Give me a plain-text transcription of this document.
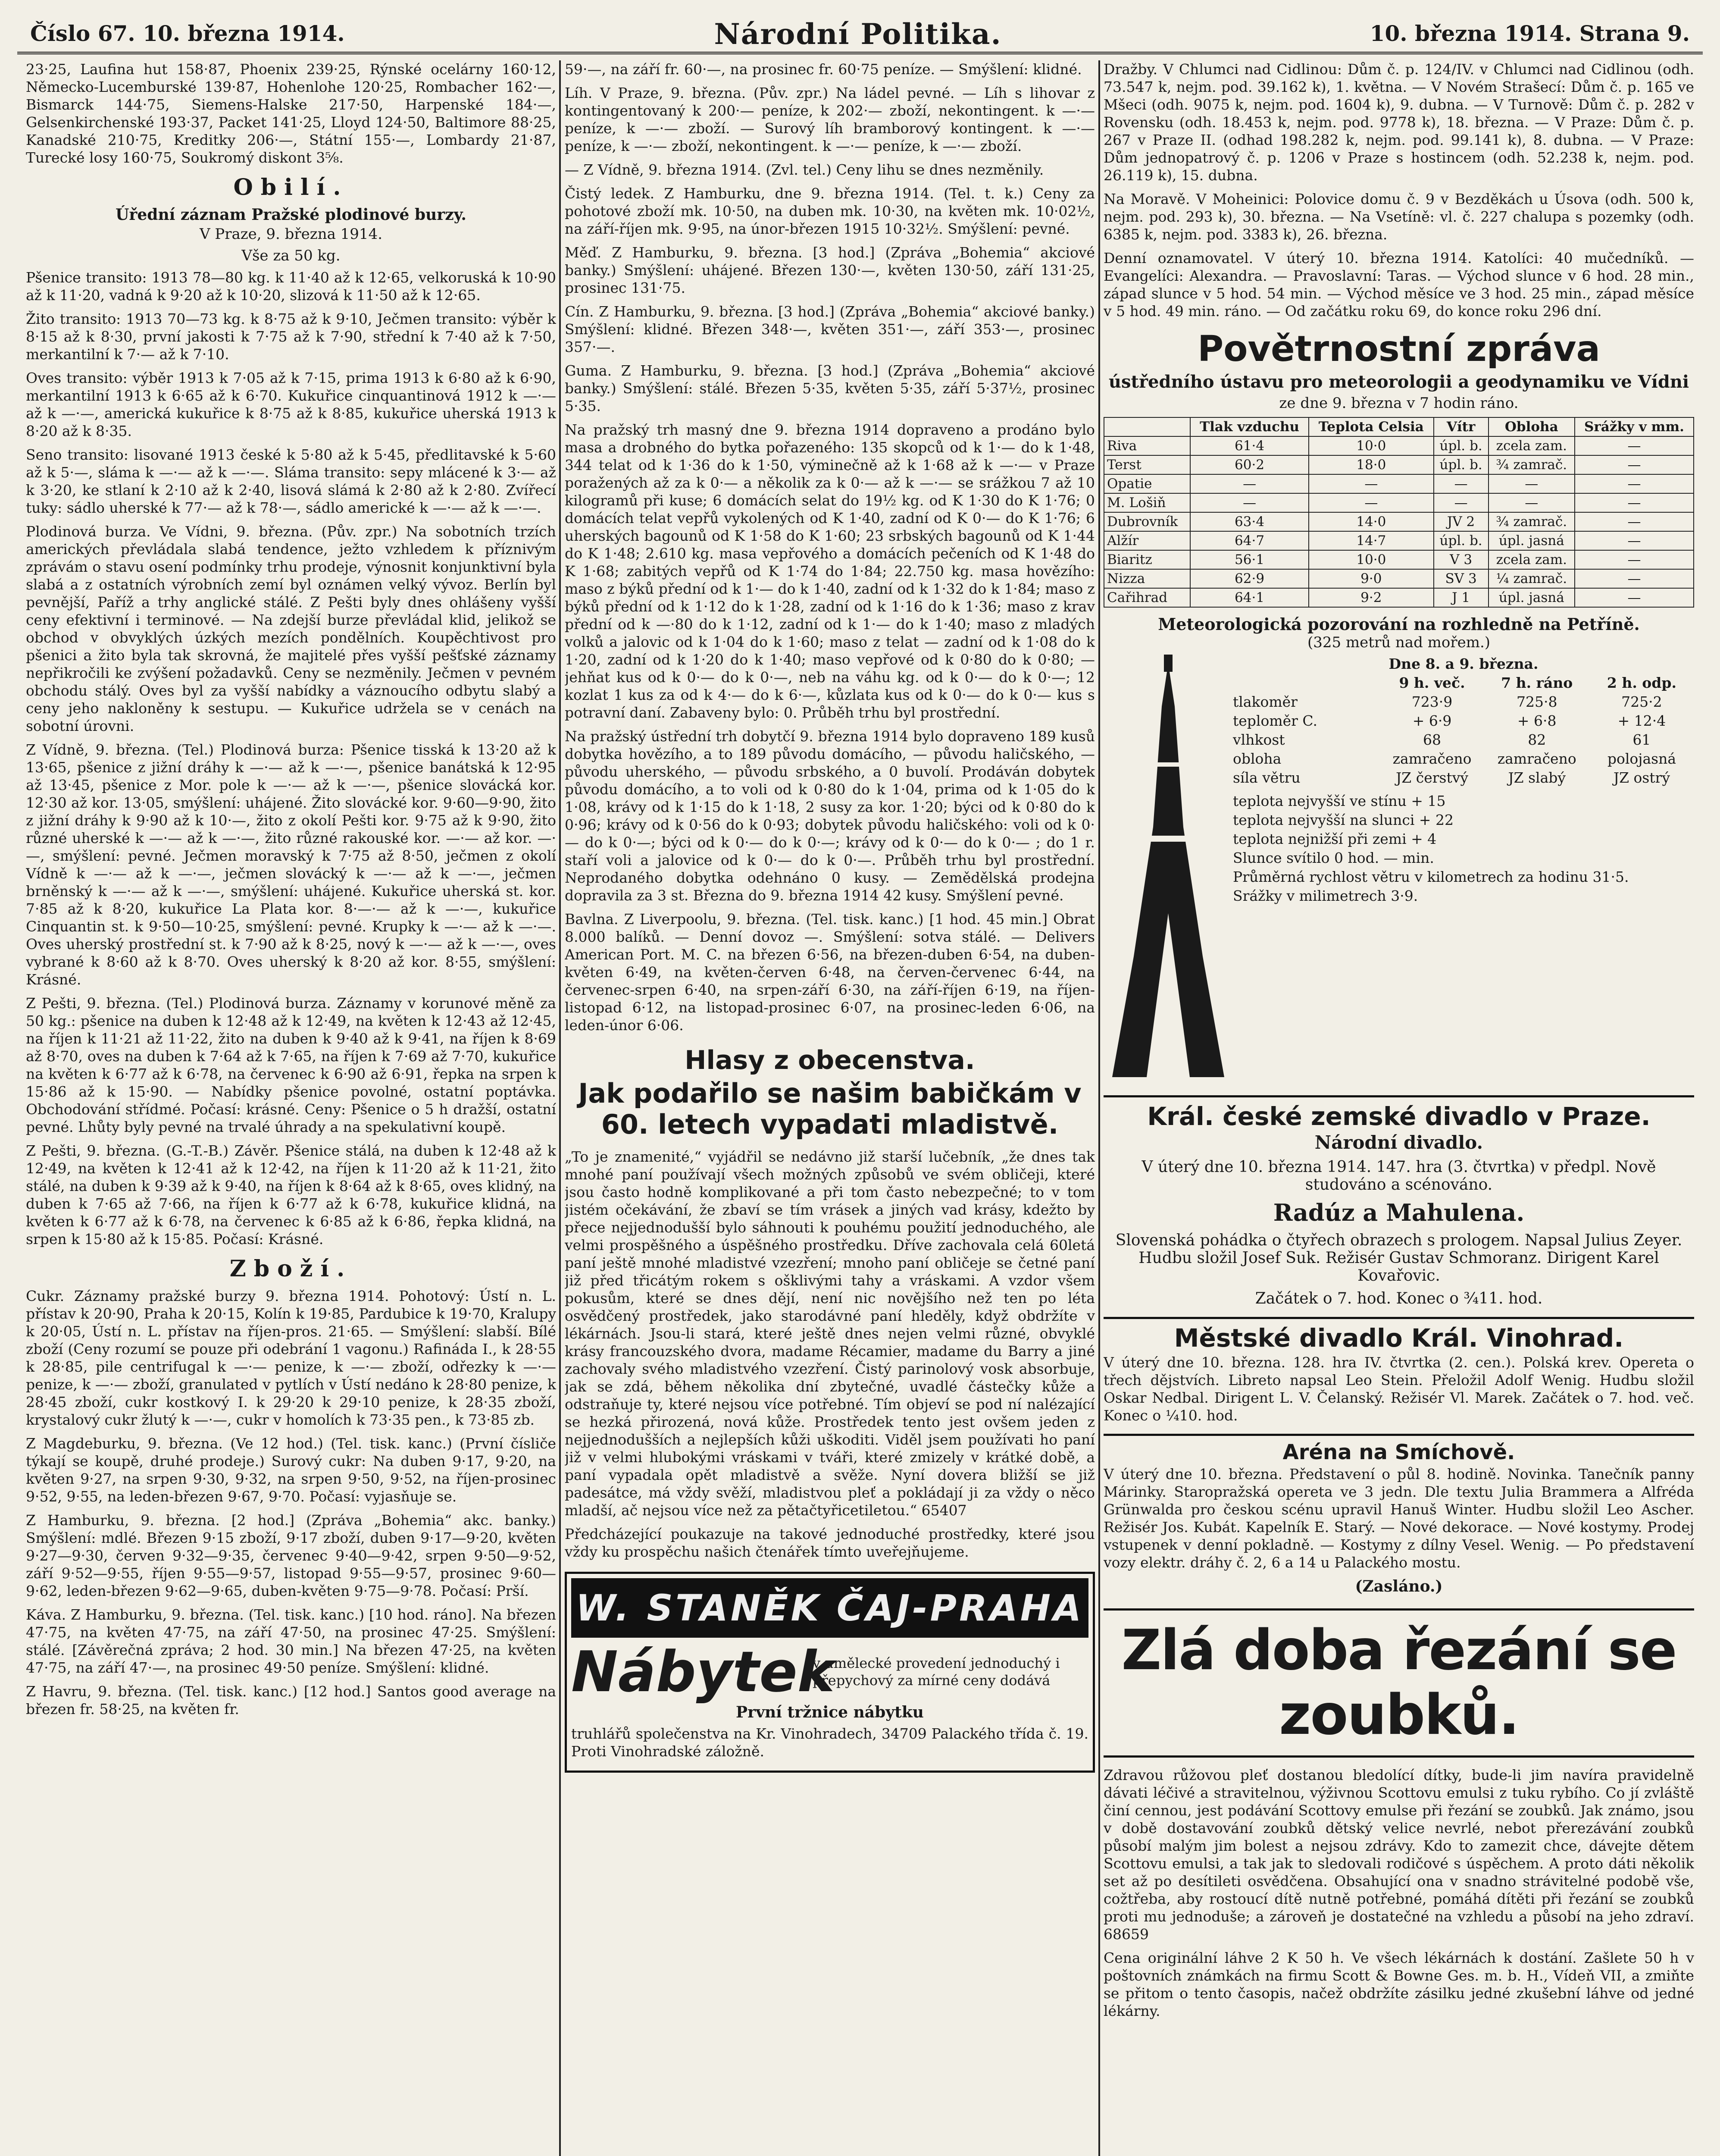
Číslo 67. 10. března 1914.	Národní Politika.	10. března 1914. Strana 9.

23·25, Laufina hut 158·87, Phoenix 239·25, Rýnské ocelárny 160·12, Německo-Lucemburské 139·87, Hohenlohe 120·25, Rombacher 162·—, Bismarck 144·75, Siemens-Halske 217·50, Harpenské 184·—, Gelsenkirchenské 193·37, Packet 141·25, Lloyd 124·50, Baltimore 88·25, Kanadské 210·75, Kreditky 206·—, Státní 155·—, Lombardy 21·87, Turecké losy 160·75, Soukromý diskont 3⅝.

Obilí.
Úřední záznam Pražské plodinové burzy.
V Praze, 9. března 1914.
Vše za 50 kg.

Pšenice transito: 1913 78—80 kg. k 11·40 až k 12·65, velkoruská k 10·90 až k 11·20, vadná k 9·20 až k 10·20, slizová k 11·50 až k 12·65.

Žito transito: 1913 70—73 kg. k 8·75 až k 9·10, Ječmen transito: výběr k 8·15 až k 8·30, první jakosti k 7·75 až k 7·90, střední k 7·40 až k 7·50, merkantilní k 7·— až k 7·10.

Oves transito: výběr 1913 k 7·05 až k 7·15, prima 1913 k 6·80 až k 6·90, merkantilní 1913 k 6·65 až k 6·70. Kukuřice cinquantinová 1912 k —·— až k —·—, americká kukuřice k 8·75 až k 8·85, kukuřice uherská 1913 k 8·20 až k 8·35.

Seno transito: lisované 1913 české k 5·80 až k 5·45, předlitavské k 5·60 až k 5·—, sláma k —·— až k —·—. Sláma transito: sepy mlácené k 3·— až k 3·20, ke stlaní k 2·10 až k 2·40, lisová slámá k 2·80 až k 2·80. Zvířecí tuky: sádlo uherské k 77·— až k 78·—, sádlo americké k —·— až k —·—.

Plodinová burza. Ve Vídni, 9. března. (Pův. zpr.) Na sobotních trzích amerických převládala slabá tendence, ježto vzhledem k příznivým zprávám o stavu osení podmínky trhu prodeje, výnosnit konjunktivní byla slabá a z ostatních výrobních zemí byl oznámen velký vývoz. Berlín byl pevnější, Paříž a trhy anglické stálé. Z Pešti byly dnes ohlášeny vyšší ceny efektivní i terminové. — Na zdejší burze převládal klid, jelikož se obchod v obvyklých úzkých mezích pondělních. Koupěchtivost pro pšenici a žito byla tak skrovná, že majitelé přes vyšší pešťské záznamy nepřikročili ke zvýšení požadavků. Ceny se nezměnily. Ječmen v pevném obchodu stálý. Oves byl za vyšší nabídky a váznoucího odbytu slabý a ceny jeho nakloněny k sestupu. — Kukuřice udržela se v cenách na sobotní úrovni.

Z Vídně, 9. března. (Tel.) Plodinová burza: Pšenice tisská k 13·20 až k 13·65, pšenice z jižní dráhy k —·— až k —·—, pšenice banátská k 12·95 až 13·45, pšenice z Mor. pole k —·— až k —·—, pšenice slovácká kor. 12·30 až kor. 13·05, smýšlení: uhájené. Žito slovácké kor. 9·60—9·90, žito z jižní dráhy k 9·90 až k 10·—, žito z okolí Pešti kor. 9·75 až k 9·90, žito různé uherské k —·— až k —·—, žito různé rakouské kor. —·— až kor. —·—, smýšlení: pevné. Ječmen moravský k 7·75 až 8·50, ječmen z okolí Vídně k —·— až k —·—, ječmen slovácký k —·— až k —·—, ječmen brněnský k —·— až k —·—, smýšlení: uhájené. Kukuřice uherská st. kor. 7·85 až k 8·20, kukuřice La Plata kor. 8·—·— až k —·—, kukuřice Cinquantin st. k 9·50—10·25, smýšlení: pevné. Krupky k —·— až k —·—. Oves uherský prostřední st. k 7·90 až k 8·25, nový k —·— až k —·—, oves vybrané k 8·60 až k 8·70. Oves uherský k 8·20 až kor. 8·55, smýšlení: Krásné.

Z Pešti, 9. března. (Tel.) Plodinová burza. Záznamy v korunové měně za 50 kg.: pšenice na duben k 12·48 až k 12·49, na květen k 12·43 až 12·45, na říjen k 11·21 až 11·22, žito na duben k 9·40 až k 9·41, na říjen k 8·69 až 8·70, oves na duben k 7·64 až k 7·65, na říjen k 7·69 až 7·70, kukuřice na květen k 6·77 až k 6·78, na červenec k 6·90 až 6·91, řepka na srpen k 15·86 až k 15·90. — Nabídky pšenice povolné, ostatní poptávka. Obchodování střídmé. Počasí: krásné. Ceny: Pšenice o 5 h dražší, ostatní pevné. Lhůty byly pevné na trvalé úhrady a na spekulativní koupě.

Z Pešti, 9. března. (G.-T.-B.) Závěr. Pšenice stálá, na duben k 12·48 až k 12·49, na květen k 12·41 až k 12·42, na říjen k 11·20 až k 11·21, žito stálé, na duben k 9·39 až k 9·40, na říjen k 8·64 až k 8·65, oves klidný, na duben k 7·65 až 7·66, na říjen k 6·77 až k 6·78, kukuřice klidná, na květen k 6·77 až k 6·78, na červenec k 6·85 až k 6·86, řepka klidná, na srpen k 15·80 až k 15·85. Počasí: Krásné.

Zboží.

Cukr. Záznamy pražské burzy 9. března 1914. Pohotový: Ústí n. L. přístav k 20·90, Praha k 20·15, Kolín k 19·85, Pardubice k 19·70, Kralupy k 20·05, Ústí n. L. přístav na říjen-pros. 21·65. — Smýšlení: slabší. Bílé zboží (Ceny rozumí se pouze při odebrání 1 vagonu.) Rafináda I., k 28·55 k 28·85, pile centrifugal k —·— penize, k —·— zboží, odřezky k —·— penize, k —·— zboží, granulated v pytlích v Ústí nedáno k 28·80 penize, k 28·45 zboží, cukr kostkový I. k 29·20 k 29·10 penize, k 28·35 zboží, krystalový cukr žlutý k —·—, cukr v homolích k 73·35 pen., k 73·85 zb.

Z Magdeburku, 9. března. (Ve 12 hod.) (Tel. tisk. kanc.) (První čísliče týkají se koupě, druhé prodeje.) Surový cukr: Na duben 9·17, 9·20, na květen 9·27, na srpen 9·30, 9·32, na srpen 9·50, 9·52, na říjen-prosinec 9·52, 9·55, na leden-březen 9·67, 9·70. Počasí: vyjasňuje se.

Z Hamburku, 9. března. [2 hod.] (Zpráva „Bohemia“ akc. banky.) Smýšlení: mdlé. Březen 9·15 zboží, 9·17 zboží, duben 9·17—9·20, květen 9·27—9·30, červen 9·32—9·35, červenec 9·40—9·42, srpen 9·50—9·52, září 9·52—9·55, říjen 9·55—9·57, listopad 9·55—9·57, prosinec 9·60—9·62, leden-březen 9·62—9·65, duben-květen 9·75—9·78. Počasí: Prší.

Káva. Z Hamburku, 9. března. (Tel. tisk. kanc.) [10 hod. ráno]. Na březen 47·75, na květen 47·75, na září 47·50, na prosinec 47·25. Smýšlení: stálé. [Závěrečná zpráva; 2 hod. 30 min.] Na březen 47·25, na květen 47·75, na září 47·—, na prosinec 49·50 peníze. Smýšlení: klidné.

Z Havru, 9. března. (Tel. tisk. kanc.) [12 hod.] Santos good average na březen fr. 58·25, na květen fr.

59·—, na září fr. 60·—, na prosinec fr. 60·75 peníze. — Smýšlení: klidné.

Líh. V Praze, 9. března. (Pův. zpr.) Na ládel pevné. — Líh s lihovar z kontingentovaný k 200·— peníze, k 202·— zboží, nekontingent. k —·— peníze, k —·— zboží. — Surový líh bramborový kontingent. k —·— peníze, k —·— zboží, nekontingent. k —·— peníze, k —·— zboží.

— Z Vídně, 9. března 1914. (Zvl. tel.) Ceny lihu se dnes nezměnily.

Čistý ledek. Z Hamburku, dne 9. března 1914. (Tel. t. k.) Ceny za pohotové zboží mk. 10·50, na duben mk. 10·30, na květen mk. 10·02½, na září-říjen mk. 9·95, na únor-březen 1915 10·32½. Smýšlení: pevné.

Měď. Z Hamburku, 9. března. [3 hod.] (Zpráva „Bohemia“ akciové banky.) Smýšlení: uhájené. Březen 130·—, květen 130·50, září 131·25, prosinec 131·75.

Cín. Z Hamburku, 9. března. [3 hod.] (Zpráva „Bohemia“ akciové banky.) Smýšlení: klidné. Březen 348·—, květen 351·—, září 353·—, prosinec 357·—.

Guma. Z Hamburku, 9. března. [3 hod.] (Zpráva „Bohemia“ akciové banky.) Smýšlení: stálé. Březen 5·35, květen 5·35, září 5·37½, prosinec 5·35.

Na pražský trh masný dne 9. března 1914 dopraveno a prodáno bylo masa a drobného do bytka pořazeného: 135 skopců od k 1·— do k 1·48, 344 telat od k 1·36 do k 1·50, výminečně až k 1·68 až k —·— v Praze poražených až za k 0·— a několik za k 0·— až k —·— se srážkou 7 až 10 kilogramů při kuse; 6 domácích selat do 19½ kg. od K 1·30 do K 1·76; 0 domácích telat vepřů vykolených od K 1·40, zadní od K 0·— do K 1·76; 6 uherských bagounů od K 1·58 do K 1·60; 23 srbských bagounů od K 1·44 do K 1·48; 2.610 kg. masa vepřového a domácích pečeních od K 1·48 do K 1·68; zabitých vepřů od K 1·74 do 1·84; 22.750 kg. masa hovězího: maso z býků přední od k 1·— do k 1·40, zadní od k 1·32 do k 1·84; maso z býků přední od k 1·12 do k 1·28, zadní od k 1·16 do k 1·36; maso z krav přední od k —·80 do k 1·12, zadní od k 1·— do k 1·40; maso z mladých volků a jalovic od k 1·04 do k 1·60; maso z telat — zadní od k 1·08 do k 1·20, zadní od k 1·20 do k 1·40; maso vepřové od k 0·80 do k 0·80; — jehňat kus od k 0·— do k 0·—, neb na váhu kg. od k 0·— do k 0·—; 12 kozlat 1 kus za od k 4·— do k 6·—, kůzlata kus od k 0·— do k 0·— kus s potravní daní. Zabaveny bylo: 0. Průběh trhu byl prostřední.

Na pražský ústřední trh dobytčí 9. března 1914 bylo dopraveno 189 kusů dobytka hovězího, a to 189 původu domácího, — původu haličského, — původu uherského, — původu srbského, a 0 buvolí. Prodáván dobytek původu domácího, a to voli od k 0·80 do k 1·04, prima od k 1·05 do k 1·08, krávy od k 1·15 do k 1·18, 2 susy za kor. 1·20; býci od k 0·80 do k 0·96; krávy od k 0·56 do k 0·93; dobytek původu haličského: voli od k 0·— do k 0·—; býci od k 0·— do k 0·—; krávy od k 0·— do k 0·— ; do 1 r. staří voli a jalovice od k 0·— do k 0·—. Průběh trhu byl prostřední. Neprodaného dobytka odehnáno 0 kusy. — Zemědělská prodejna dopravila za 3 st. Března do 9. března 1914 42 kusy. Smýšlení pevné.

Bavlna. Z Liverpoolu, 9. března. (Tel. tisk. kanc.) [1 hod. 45 min.] Obrat 8.000 balíků. — Denní dovoz —. Smýšlení: sotva stálé. — Delivers American Port. M. C. na březen 6·56, na březen-duben 6·54, na duben-květen 6·49, na květen-červen 6·48, na červen-červenec 6·44, na červenec-srpen 6·40, na srpen-září 6·30, na září-říjen 6·19, na říjen-listopad 6·12, na listopad-prosinec 6·07, na prosinec-leden 6·06, na leden-únor 6·06.

Hlasy z obecenstva.
Jak podařilo se našim babičkám v 60. letech vypadati mladistvě.

„To je znamenité,“ vyjádřil se nedávno již starší lučebník, „že dnes tak mnohé paní používají všech možných způsobů ve svém obličeji, které jsou často hodně komplikované a při tom často nebezpečné; to v tom jistém očekávání, že zbaví se tím vrásek a jiných vad krásy, kdežto by přece nejjednodušší bylo sáhnouti k pouhému použití jednoduchého, ale velmi prospěšného a úspěšného prostředku. Dříve zachovala celá 60letá paní ještě mnohé mladistvé vzezření; mnoho paní obličeje se četné paní již před třicátým rokem s ošklivými tahy a vráskami. A vzdor všem pokusům, které se dnes dějí, není nic novějšího než ten po léta osvědčený prostředek, jako starodávné paní hleděly, když obdržíte v lékárnách. Jsou-li stará, které ještě dnes nejen velmi různé, obvyklé krásy francouzského dvora, madame Récamier, madame du Barry a jiné zachovaly svého mladistvého vzezření. Čistý parinolový vosk absorbuje, jak se zdá, během několika dní zbytečné, uvadlé částečky kůže a odstraňuje ty, které nejsou více potřebné. Tím objeví se pod ní nalézající se hezká přirozená, nová kůže. Prostředek tento jest ovšem jeden z nejjednodušších a nejlepších kůži uškoditi. Viděl jsem používati ho paní již v velmi hlubokými vráskami v tváři, které zmizely v krátké době, a paní vypadala opět mladistvě a svěže. Nyní dovera bližší se již padesátce, má vždy svěží, mladistvou pleť a pokládají ji za vždy o něco mladší, ač nejsou více než za pětačtyřicetiletou.“ 65407

Předcházející poukazuje na takové jednoduché prostředky, které jsou vždy ku prospěchu našich čtenářek tímto uveřejňujeme.

W. STANĚK ČAJ-PRAHA
Nábytek
v umělecké provedení jednoduchý i přepychový za mírné ceny dodává
První tržnice nábytku

truhlářů společenstva na Kr. Vinohradech, 34709 Palackého třída č. 19. Proti Vinohradské záložně.

Dražby. V Chlumci nad Cidlinou: Dům č. p. 124/IV. v Chlumci nad Cidlinou (odh. 73.547 k, nejm. pod. 39.162 k), 1. května. — V Novém Strašecí: Dům č. p. 165 ve Mšeci (odh. 9075 k, nejm. pod. 1604 k), 9. dubna. — V Turnově: Dům č. p. 282 v Rovensku (odh. 18.453 k, nejm. pod. 9778 k), 18. března. — V Praze: Dům č. p. 267 v Praze II. (odhad 198.282 k, nejm. pod. 99.141 k), 8. dubna. — V Praze: Dům jednopatrový č. p. 1206 v Praze s hostincem (odh. 52.238 k, nejm. pod. 26.119 k), 15. dubna.

Na Moravě. V Moheinici: Polovice domu č. 9 v Bezděkách u Úsova (odh. 500 k, nejm. pod. 293 k), 30. března. — Na Vsetíně: vl. č. 227 chalupa s pozemky (odh. 6385 k, nejm. pod. 3383 k), 26. března.

Denní oznamovatel. V úterý 10. března 1914. Katolíci: 40 mučedníků. — Evangelíci: Alexandra. — Pravoslavní: Taras. — Východ slunce v 6 hod. 28 min., západ slunce v 5 hod. 54 min. — Východ měsíce ve 3 hod. 25 min., západ měsíce v 5 hod. 49 min. ráno. — Od začátku roku 69, do konce roku 296 dní.

Povětrnostní zpráva
ústředního ústavu pro meteorologii a geodynamiku ve Vídni
ze dne 9. března v 7 hodin ráno.
	Tlak vzduchu	Teplota Celsia	Vítr	Obloha	Srážky v mm.
Riva	61·4	10·0	úpl. b.	zcela zam.	—
Terst	60·2	18·0	úpl. b.	¾ zamrač.	—
Opatie	—	—	—	—	—
M. Lošiň	—	—	—	—	—
Dubrovník	63·4	14·0	JV 2	¾ zamrač.	—
Alžír	64·7	14·7	úpl. b.	úpl. jasná	—
Biaritz	56·1	10·0	V 3	zcela zam.	—
Nizza	62·9	9·0	SV 3	¼ zamrač.	—
Cařihrad	64·1	9·2	J 1	úpl. jasná	—
Meteorologická pozorování na rozhledně na Petříně.
(325 metrů nad mořem.)
Dne 8. a 9. března.
9 h. več.	7 h. ráno	2 h. odp.
tlakoměr	723·9	725·8	725·2
teploměr C.	+ 6·9	+ 6·8	+ 12·4
vlhkost	68	82	61
obloha	zamračeno	zamračeno	polojasná
síla větru	JZ čerstvý	JZ slabý	JZ ostrý
teplota nejvyšší ve stínu + 15
teplota nejvyšší na slunci + 22
teplota nejnižší při zemi + 4
Slunce svítilo 0 hod. — min.
Průměrná rychlost větru v kilometrech za hodinu 31·5.
Srážky v milimetrech 3·9.
Král. české zemské divadlo v Praze.
Národní divadlo.
V úterý dne 10. března 1914. 147. hra (3. čtvrtka) v předpl. Nově studováno a scénováno.
Radúz a Mahulena.
Slovenská pohádka o čtyřech obrazech s prologem. Napsal Julius Zeyer. Hudbu složil Josef Suk. Režisér Gustav Schmoranz. Dirigent Karel Kovařovic.
Začátek o 7. hod. Konec o ¾11. hod.
Městské divadlo Král. Vinohrad.

V úterý dne 10. března. 128. hra IV. čtvrtka (2. cen.). Polská krev. Opereta o třech dějstvích. Libreto napsal Leo Stein. Přeložil Adolf Wenig. Hudbu složil Oskar Nedbal. Dirigent L. V. Čelanský. Režisér Vl. Marek. Začátek o 7. hod. več. Konec o ¼10. hod.

Aréna na Smíchově.

V úterý dne 10. března. Představení o půl 8. hodině. Novinka. Tanečník panny Márinky. Staropražská opereta ve 3 jedn. Dle textu Julia Brammera a Alfréda Grünwalda pro českou scénu upravil Hanuš Winter. Hudbu složil Leo Ascher. Režisér Jos. Kubát. Kapelník E. Starý. — Nové dekorace. — Nové kostymy. Prodej vstupenek v denní pokladně. — Kostymy z dílny Vesel. Wenig. — Po představení vozy elektr. dráhy č. 2, 6 a 14 u Palackého mostu.

(Zasláno.)
Zlá doba řezání se zoubků.

Zdravou růžovou pleť dostanou bledolící dítky, bude-li jim navíra pravidelně dávati léčivé a stravitelnou, výživnou Scottovu emulsi z tuku rybího. Co jí zvláště činí cennou, jest podávání Scottovy emulse při řezání se zoubků. Jak známo, jsou v době dostavování zoubků dětský velice nevrlé, nebot přerezávání zoubků působí malým jim bolest a nejsou zdrávy. Kdo to zamezit chce, dávejte dětem Scottovu emulsi, a tak jak to sledovali rodičové s úspěchem. A proto dáti několik set až po desítileti osvědčena. Obsahující ona v snadno strávitelné podobě vše, cožtřeba, aby rostoucí dítě nutně potřebné, pomáhá dítěti při řezání se zoubků proti mu jednoduše; a zároveň je dostatečné na vzhledu a působí na jeho zdraví. 68659

Cena originální láhve 2 K 50 h. Ve všech lékárnách k dostání. Zašlete 50 h v poštovních známkách na firmu Scott & Bowne Ges. m. b. H., Vídeň VII, a zmiňte se přitom o tento časopis, načež obdržíte zásilku jedné zkušební láhve od jedné lékárny.
